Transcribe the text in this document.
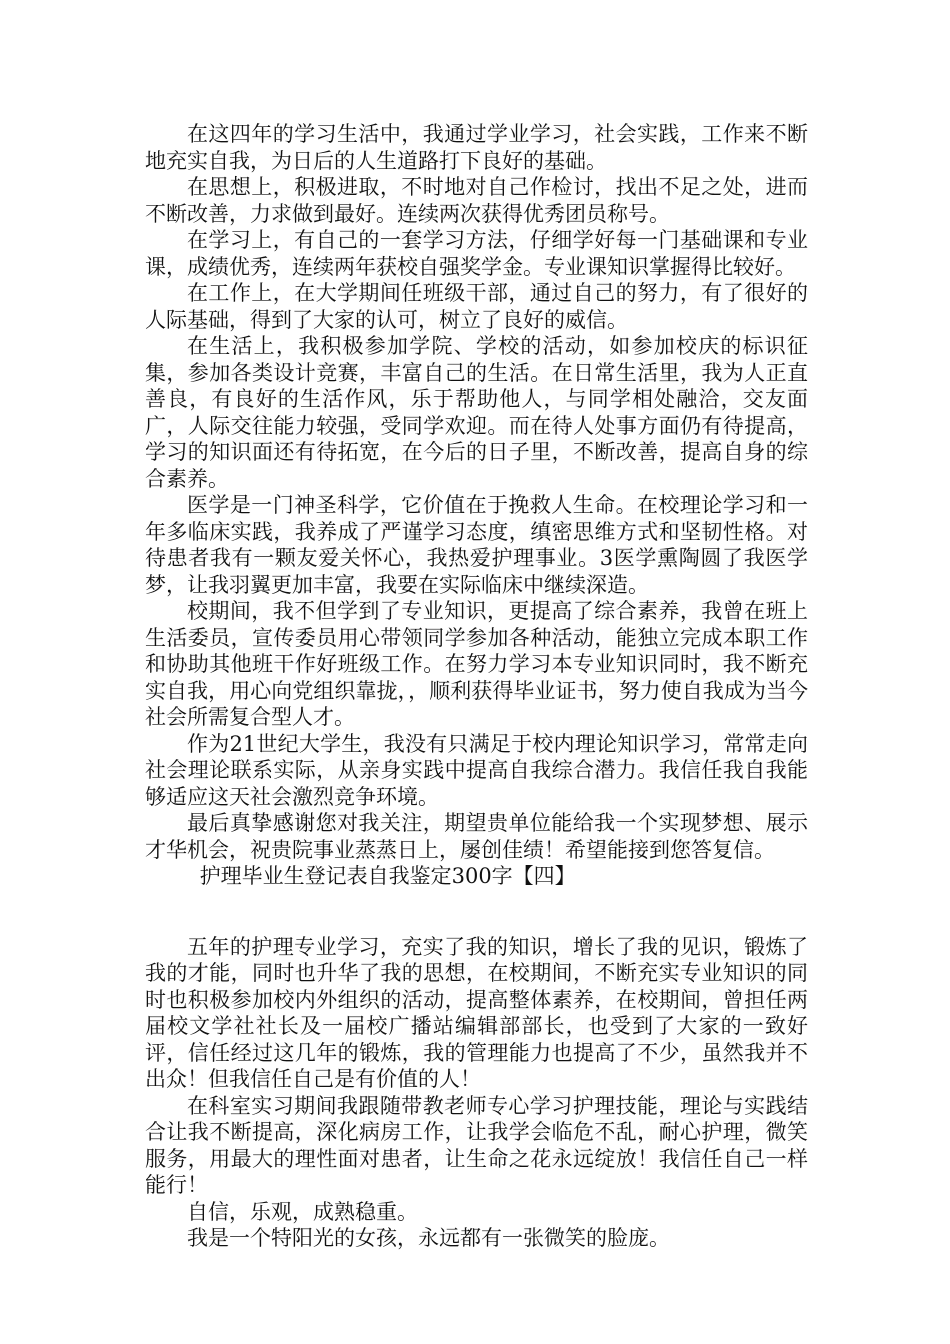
在这四年的学习生活中，我通过学业学习，社会实践，工作来不断地充实自我，为日后的人生道路打下良好的基础。

在思想上，积极进取，不时地对自己作检讨，找出不足之处，进而不断改善，力求做到最好。连续两次获得优秀团员称号。

在学习上，有自己的一套学习方法，仔细学好每一门基础课和专业课，成绩优秀，连续两年获校自强奖学金。专业课知识掌握得比较好。

在工作上，在大学期间任班级干部，通过自己的努力，有了很好的人际基础，得到了大家的认可，树立了良好的威信。

在生活上，我积极参加学院、学校的活动，如参加校庆的标识征集，参加各类设计竞赛，丰富自己的生活。在日常生活里，我为人正直善良，有良好的生活作风，乐于帮助他人，与同学相处融洽，交友面广，人际交往能力较强，受同学欢迎。而在待人处事方面仍有待提高，学习的知识面还有待拓宽，在今后的日子里，不断改善，提高自身的综合素养。

医学是一门神圣科学，它价值在于挽救人生命。在校理论学习和一年多临床实践，我养成了严谨学习态度，缜密思维方式和坚韧性格。对待患者我有一颗友爱关怀心，我热爱护理事业。3医学熏陶圆了我医学梦，让我羽翼更加丰富，我要在实际临床中继续深造。

校期间，我不但学到了专业知识，更提高了综合素养，我曾在班上生活委员，宣传委员用心带领同学参加各种活动，能独立完成本职工作和协助其他班干作好班级工作。在努力学习本专业知识同时，我不断充实自我，用心向党组织靠拢，，顺利获得毕业证书，努力使自我成为当今社会所需复合型人才。

作为21世纪大学生，我没有只满足于校内理论知识学习，常常走向社会理论联系实际，从亲身实践中提高自我综合潜力。我信任我自我能够适应这天社会激烈竞争环境。

最后真挚感谢您对我关注，期望贵单位能给我一个实现梦想、展示才华机会，祝贵院事业蒸蒸日上，屡创佳绩！希望能接到您答复信。

护理毕业生登记表自我鉴定300字【四】

五年的护理专业学习，充实了我的知识，增长了我的见识，锻炼了我的才能，同时也升华了我的思想，在校期间，不断充实专业知识的同时也积极参加校内外组织的活动，提高整体素养，在校期间，曾担任两届校文学社社长及一届校广播站编辑部部长，也受到了大家的一致好评，信任经过这几年的锻炼，我的管理能力也提高了不少，虽然我并不出众！但我信任自己是有价值的人！

在科室实习期间我跟随带教老师专心学习护理技能，理论与实践结合让我不断提高，深化病房工作，让我学会临危不乱，耐心护理，微笑服务，用最大的理性面对患者，让生命之花永远绽放！我信任自己一样能行！

自信，乐观，成熟稳重。

我是一个特阳光的女孩，永远都有一张微笑的脸庞。
